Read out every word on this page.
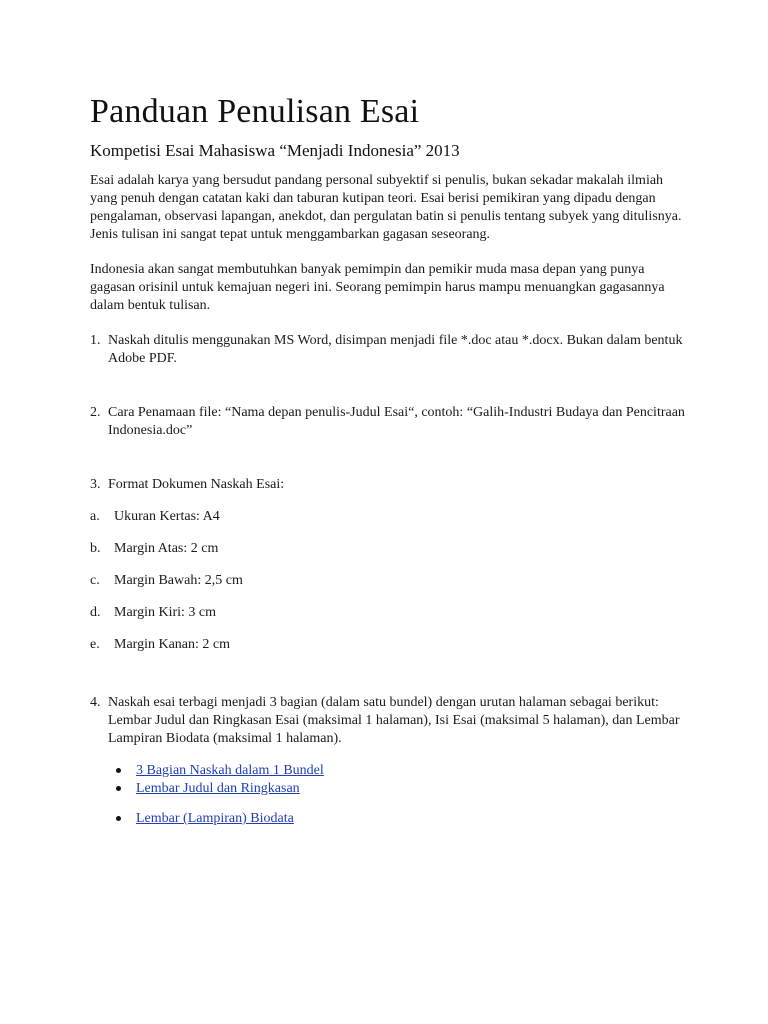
Panduan Penulisan Esai
Kompetisi Esai Mahasiswa “Menjadi Indonesia” 2013

Esai adalah karya yang bersudut pandang personal subyektif si penulis, bukan sekadar makalah ilmiah yang penuh dengan catatan kaki dan taburan kutipan teori. Esai berisi pemikiran yang dipadu dengan pengalaman, observasi lapangan, anekdot, dan pergulatan batin si penulis tentang subyek yang ditulisnya. Jenis tulisan ini sangat tepat untuk menggambarkan gagasan seseorang.

Indonesia akan sangat membutuhkan banyak pemimpin dan pemikir muda masa depan yang punya gagasan orisinil untuk kemajuan negeri ini. Seorang pemimpin harus mampu menuangkan gagasannya dalam bentuk tulisan.

1. Naskah ditulis menggunakan MS Word, disimpan menjadi file *.doc atau *.docx. Bukan dalam bentuk Adobe PDF.
2. Cara Penamaan file: “Nama depan penulis-Judul Esai“, contoh: “Galih-Industri Budaya dan Pencitraan Indonesia.doc”
3. Format Dokumen Naskah Esai:
a. Ukuran Kertas: A4
b. Margin Atas: 2 cm
c. Margin Bawah: 2,5 cm
d. Margin Kiri: 3 cm
e. Margin Kanan: 2 cm
4. Naskah esai terbagi menjadi 3 bagian (dalam satu bundel) dengan urutan halaman sebagai berikut: Lembar Judul dan Ringkasan Esai (maksimal 1 halaman), Isi Esai (maksimal 5 halaman), dan Lembar Lampiran Biodata (maksimal 1 halaman).
3 Bagian Naskah dalam 1 Bundel
Lembar Judul dan Ringkasan
Lembar (Lampiran) Biodata
